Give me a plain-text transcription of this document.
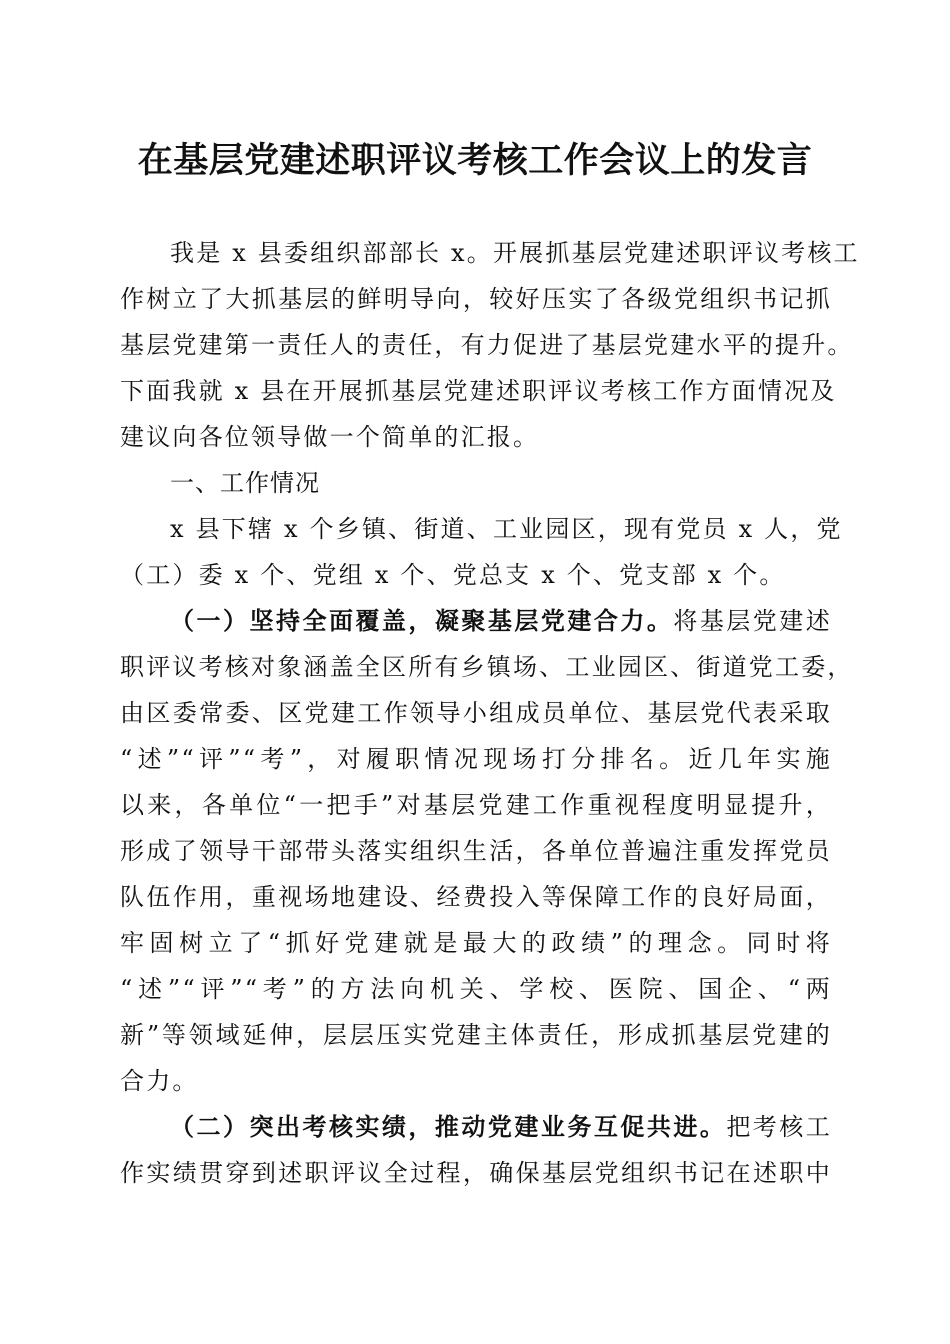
在基层党建述职评议考核工作会议上的发言
我是 x 县委组织部部长 x。开展抓基层党建述职评议考核工
作树立了大抓基层的鲜明导向，较好压实了各级党组织书记抓
基层党建第一责任人的责任，有力促进了基层党建水平的提升。
下面我就 x 县在开展抓基层党建述职评议考核工作方面情况及
建议向各位领导做一个简单的汇报。
一、工作情况
x 县下辖 x 个乡镇、街道、工业园区，现有党员 x 人，党
（工）委 x 个、党组 x 个、党总支 x 个、党支部 x 个。
（一）坚持全面覆盖，凝聚基层党建合力。将基层党建述
职评议考核对象涵盖全区所有乡镇场、工业园区、街道党工委，
由区委常委、区党建工作领导小组成员单位、基层党代表采取
“述”“评”“考”，对履职情况现场打分排名。近几年实施
以来，各单位“一把手”对基层党建工作重视程度明显提升，
形成了领导干部带头落实组织生活，各单位普遍注重发挥党员
队伍作用，重视场地建设、经费投入等保障工作的良好局面，
牢固树立了“抓好党建就是最大的政绩”的理念。同时将
“述”“评”“考”的方法向机关、学校、医院、国企、“两
新”等领域延伸，层层压实党建主体责任，形成抓基层党建的
合力。
（二）突出考核实绩，推动党建业务互促共进。把考核工
作实绩贯穿到述职评议全过程，确保基层党组织书记在述职中
